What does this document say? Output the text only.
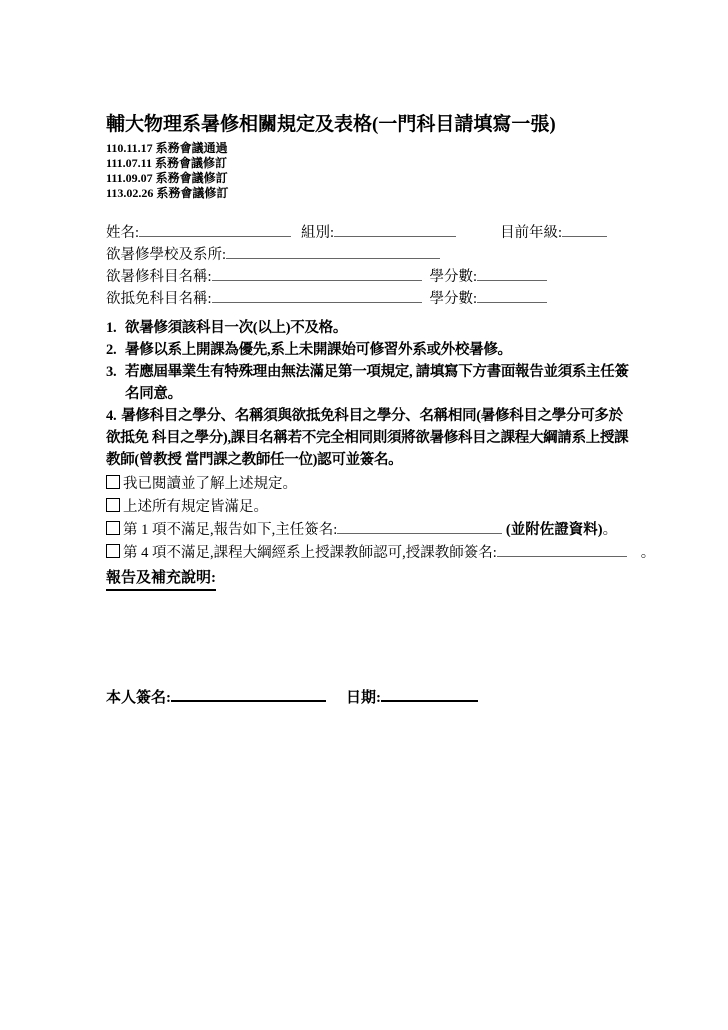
輔大物理系暑修相關規定及表格(一門科目請填寫一張)
110.11.17 系務會議通過
111.07.11 系務會議修訂
111.09.07 系務會議修訂
113.02.26 系務會議修訂
姓名:	組別:	目前年級:
欲暑修學校及系所:
欲暑修科目名稱:	學分數:
欲抵免科目名稱:	學分數:
1. 欲暑修須該科目一次(以上)不及格。
2. 暑修以系上開課為優先,系上未開課始可修習外系或外校暑修。
3. 若應屆畢業生有特殊理由無法滿足第一項規定, 請填寫下方書面報告並須系主任簽名同意。
4. 暑修科目之學分、名稱須與欲抵免科目之學分、名稱相同(暑修科目之學分可多於欲抵免 科目之學分),課目名稱若不完全相同則須將欲暑修科目之課程大綱請系上授課教師(曾教授 當門課之教師任一位)認可並簽名。
我已閱讀並了解上述規定。
上述所有規定皆滿足。
第 1 項不滿足,報告如下,主任簽名:	(並附佐證資料)。
第 4 項不滿足,課程大綱經系上授課教師認可,授課教師簽名:	。
報告及補充說明:
本人簽名:	日期:
